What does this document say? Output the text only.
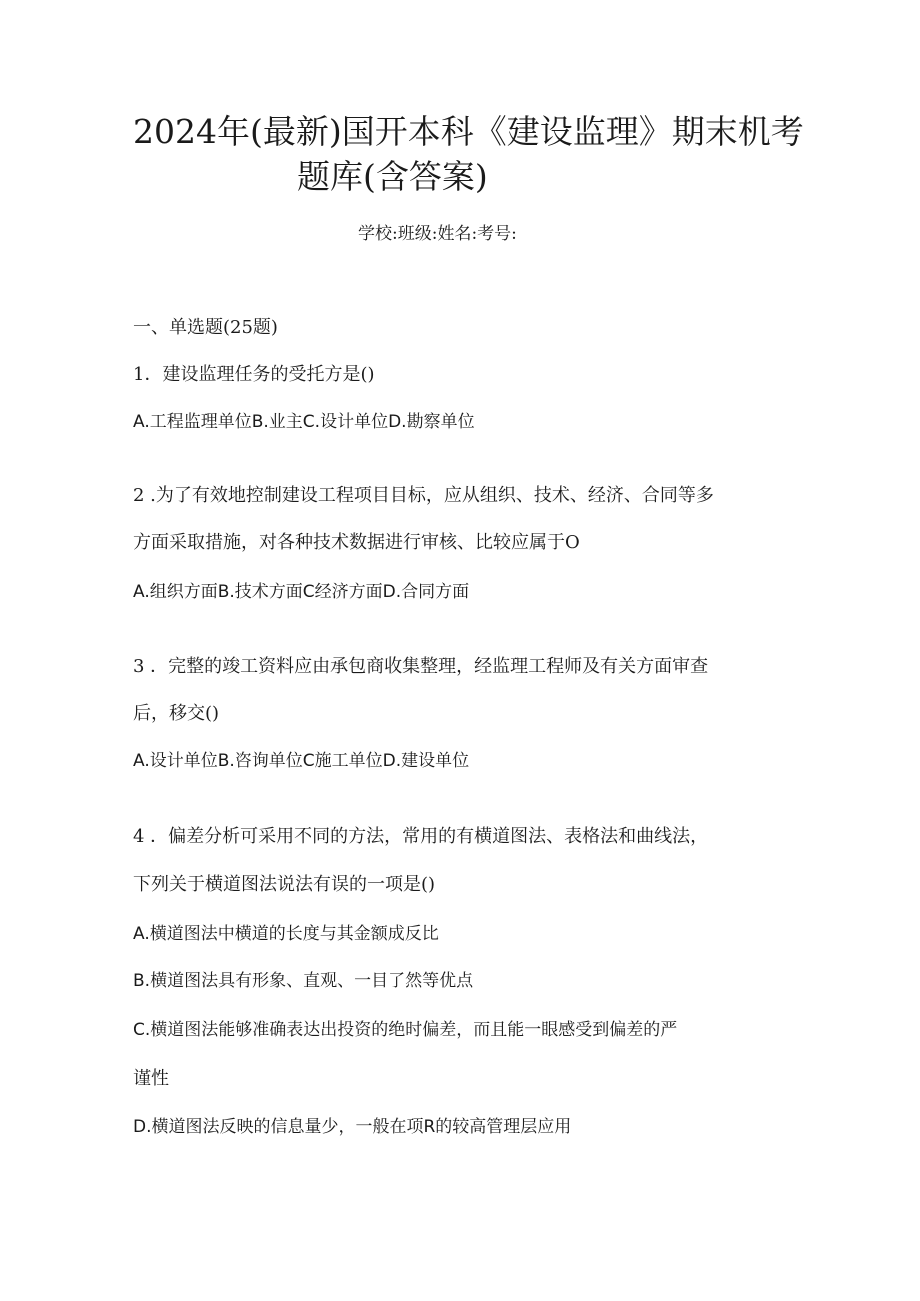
2024年(最新)国开本科《建设监理》期末机考
题库(含答案)
学校:班级:姓名:考号:
一、单选题(25题)
1．建设监理任务的受托方是()
A.工程监理单位B.业主C.设计单位D.勘察单位
2 .为了有效地控制建设工程项目目标，应从组织、技术、经济、合同等多
方面采取措施，对各种技术数据进行审核、比较应属于O
A.组织方面B.技术方面C经济方面D.合同方面
3 ．完整的竣工资料应由承包商收集整理，经监理工程师及有关方面审查
后，移交()
A.设计单位B.咨询单位C施工单位D.建设单位
4 ．偏差分析可采用不同的方法，常用的有横道图法、表格法和曲线法，
下列关于横道图法说法有误的一项是()
A.横道图法中横道的长度与其金额成反比
B.横道图法具有形象、直观、一目了然等优点
C.横道图法能够准确表达出投资的绝时偏差，而且能一眼感受到偏差的严
谨性
D.横道图法反映的信息量少，一般在项R的较高管理层应用
